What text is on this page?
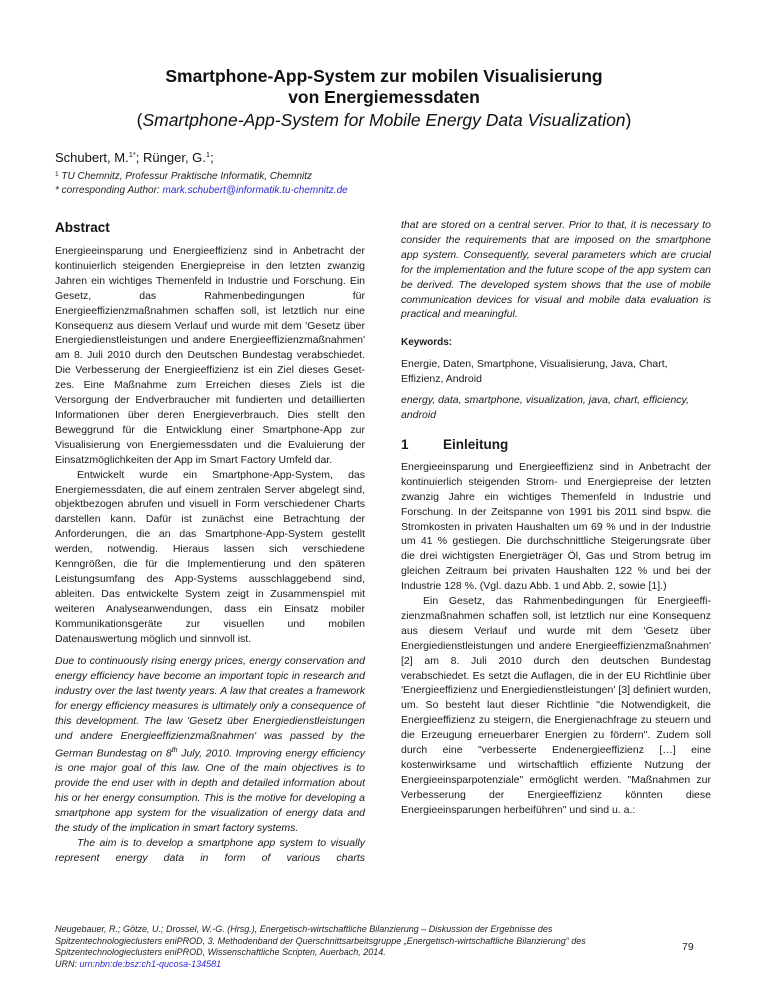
Smartphone-App-System zur mobilen Visualisierung
von Energiemessdaten
(Smartphone-App-System for Mobile Energy Data Visualization)
Schubert, M.$^{1*}$; Rünger, G.$^1$;
$^1$ TU Chemnitz, Professur Praktische Informatik, Chemnitz
* corresponding Author: mark.schubert@informatik.tu-chemnitz.de
Abstract

Energieeinsparung und Energieeffizienz sind in Anbetracht der kontinuierlich steigenden Energiepreise in den letzten zwanzig Jahren ein wichtiges Themenfeld in Industrie und Forschung. Ein Gesetz, das Rahmenbedingungen für Energieeffizienzmaßnahmen schaffen soll, ist letztlich nur eine Konsequenz aus diesem Verlauf und wurde mit dem 'Gesetz über Energiedienstleistungen und andere Energieeffizienzmaßnahmen' am 8. Juli 2010 durch den Deutschen Bundestag verabschiedet. Die Verbesserung der Energieeffizienz ist ein Ziel dieses Gesetzes. Eine Maßnahme zum Erreichen dieses Ziels ist die Versorgung der Endverbraucher mit fundierten und detaillierten Informationen über deren Energieverbrauch. Dies stellt den Beweggrund für die Entwicklung einer Smartphone-App zur Visualisierung von Energiemessdaten und die Evaluierung der Einsatzmöglichkeiten der App im Smart Factory Umfeld dar.

Entwickelt wurde ein Smartphone-App-System, das Energiemessdaten, die auf einem zentralen Server abgelegt sind, objektbezogen abrufen und visuell in Form verschiedener Charts darstellen kann. Dafür ist zunächst eine Betrachtung der Anforderungen, die an das Smartphone-App-System gestellt werden, notwendig. Hieraus lassen sich verschiedene Kenngrößen, die für die Implementierung und den späteren Leistungsumfang des App-Systems ausschlaggebend sind, ableiten. Das entwickelte System zeigt in Zusammenspiel mit weiteren Analyseanwendungen, dass ein Einsatz mobiler Kommunikationsgeräte zur visuellen und mobilen Datenauswertung möglich und sinnvoll ist.

Due to continuously rising energy prices, energy conservation and energy efficiency have become an important topic in research and industry over the last twenty years. A law that creates a framework for energy efficiency measures is ultimately only a consequence of this development. The law 'Gesetz über Energiedienstleistungen und andere Energieeffizienzmaßnahmen' was passed by the German Bundestag on 8th July, 2010. Improving energy efficiency is one major goal of this law. One of the main objectives is to provide the end user with in depth and detailed information about his or her energy consumption. This is the motive for developing a smartphone app system for the visualization of energy data and the study of the implication in smart factory systems.

The aim is to develop a smartphone app system to visually represent energy data in form of various charts

that are stored on a central server. Prior to that, it is necessary to consider the requirements that are imposed on the smartphone app system. Consequently, several parameters which are crucial for the implementation and the future scope of the app system can be derived. The developed system shows that the use of mobile communication devices for visual and mobile data evaluation is practical and meaningful.

Keywords:

Energie, Daten, Smartphone, Visualisierung, Java, Chart, Effizienz, Android

energy, data, smartphone, visualization, java, chart, efficiency, android

1	Einleitung

Energieeinsparung und Energieeffizienz sind in Anbetracht der kontinuierlich steigenden Strom- und Energiepreise der letzten zwanzig Jahre ein wichtiges Themenfeld in Industrie und Forschung. In der Zeitspanne von 1991 bis 2011 sind bspw. die Stromkosten in privaten Haushalten um 69 % und in der Industrie um 41 % gestiegen. Die durchschnittliche Steigerungsrate über die drei wichtigsten Energieträger Öl, Gas und Strom betrug im gleichen Zeitraum bei privaten Haushalten 122 % und bei der Industrie 128 %. (Vgl. dazu Abb. 1 und Abb. 2, sowie [1].)

Ein Gesetz, das Rahmenbedingungen für Energieeffizienzmaßnahmen schaffen soll, ist letztlich nur eine Konsequenz aus diesem Verlauf und wurde mit dem 'Gesetz über Energiedienstleistungen und andere Energieeffizienzmaßnahmen' [2] am 8. Juli 2010 durch den deutschen Bundestag verabschiedet. Es setzt die Auflagen, die in der EU Richtlinie über 'Energieeffizienz und Energiedienstleistungen' [3] definiert wurden, um. So besteht laut dieser Richtlinie "die Notwendigkeit, die Energieeffizienz zu steigern, die Energienachfrage zu steuern und die Erzeugung erneuerbarer Energien zu fördern". Zudem soll durch eine "verbesserte Endenergieeffizienz […] eine kostenwirksame und wirtschaftlich effiziente Nutzung der Energieeinsparpotenziale" ermöglicht werden. "Maßnahmen zur Verbesserung der Energieeffizienz könnten diese Energieeinsparungen herbeiführen" und sind u. a.:

Neugebauer, R.; Götze, U.; Drossel, W.-G. (Hrsg.), Energetisch-wirtschaftliche Bilanzierung – Diskussion der Ergebnisse des Spitzentechnologieclusters eniPROD, 3. Methodenband der Querschnittsarbeitsgruppe „Energetisch-wirtschaftliche Bilanzierung“ des Spitzentechnologieclusters eniPROD, Wissenschaftliche Scripten, Auerbach, 2014.
URN: urn:nbn:de:bsz:ch1-qucosa-134581
79
